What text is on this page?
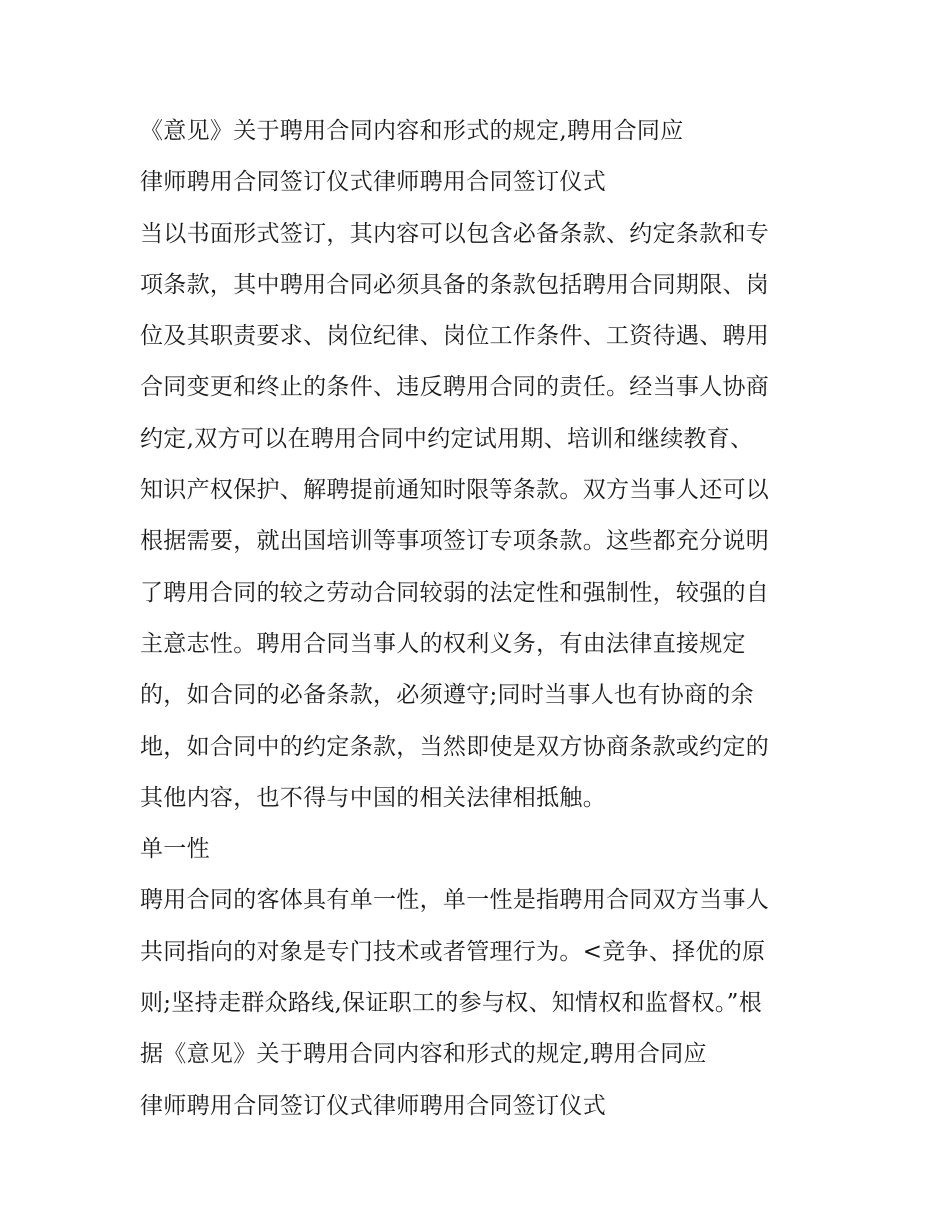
《意见》关于聘用合同内容和形式的规定,聘用合同应
律师聘用合同签订仪式律师聘用合同签订仪式
当以书面形式签订，其内容可以包含必备条款、约定条款和专
项条款，其中聘用合同必须具备的条款包括聘用合同期限、岗
位及其职责要求、岗位纪律、岗位工作条件、工资待遇、聘用
合同变更和终止的条件、违反聘用合同的责任。经当事人协商
约定,双方可以在聘用合同中约定试用期、培训和继续教育、
知识产权保护、解聘提前通知时限等条款。双方当事人还可以
根据需要，就出国培训等事项签订专项条款。这些都充分说明
了聘用合同的较之劳动合同较弱的法定性和强制性，较强的自
主意志性。聘用合同当事人的权利义务，有由法律直接规定
的，如合同的必备条款，必须遵守;同时当事人也有协商的余
地，如合同中的约定条款，当然即使是双方协商条款或约定的
其他内容，也不得与中国的相关法律相抵触。
单一性
聘用合同的客体具有单一性，单一性是指聘用合同双方当事人
共同指向的对象是专门技术或者管理行为。<竞争、择优的原
则;坚持走群众路线,保证职工的参与权、知情权和监督权。”根
据《意见》关于聘用合同内容和形式的规定,聘用合同应
律师聘用合同签订仪式律师聘用合同签订仪式
